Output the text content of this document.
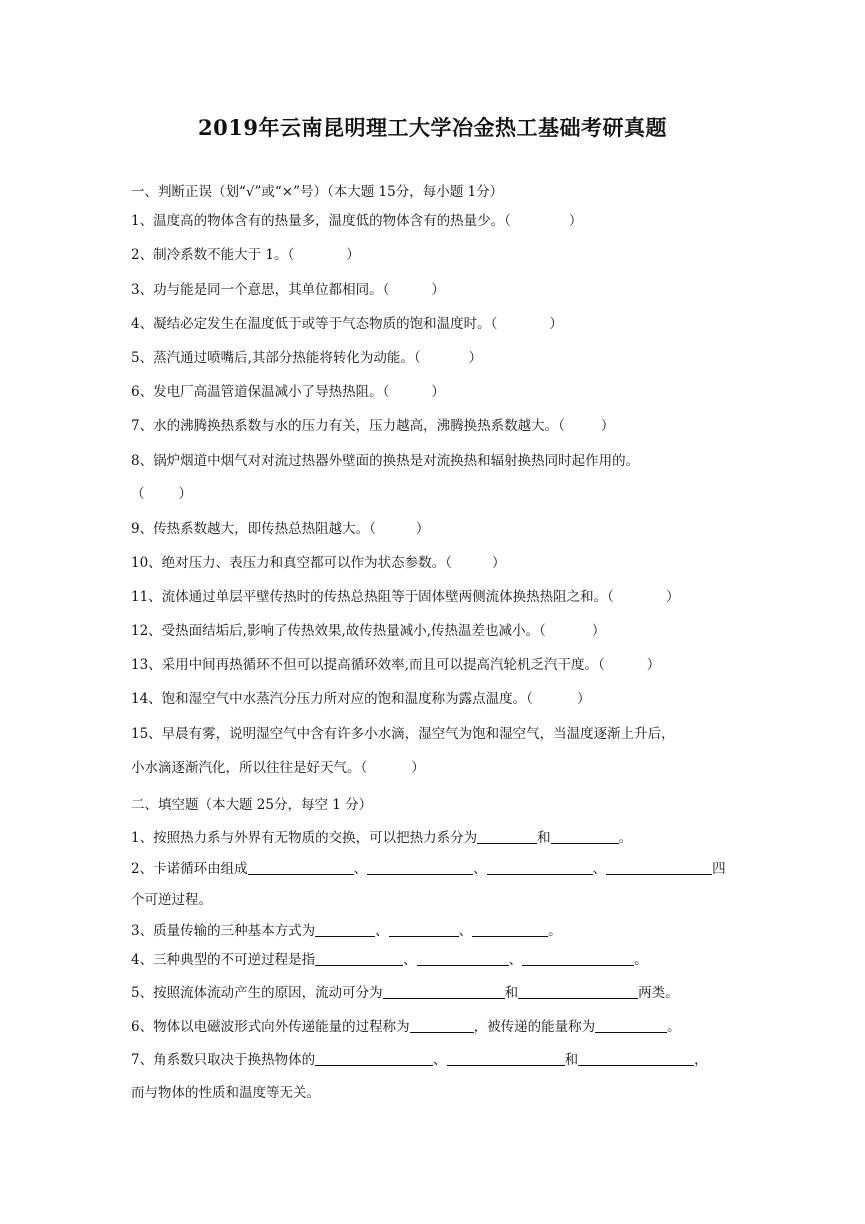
2019年云南昆明理工大学冶金热工基础考研真题
一、判断正误（划“√”或“×”号）（本大题 15分，每小题 1分）
1、温度高的物体含有的热量多，温度低的物体含有的热量少。（	）
2、制冷系数不能大于 1。（	）
3、功与能是同一个意思，其单位都相同。（	）
4、凝结必定发生在温度低于或等于气态物质的饱和温度时。（	）
5、蒸汽通过喷嘴后,其部分热能将转化为动能。（	）
6、发电厂高温管道保温减小了导热热阻。（	）
7、水的沸腾换热系数与水的压力有关，压力越高，沸腾换热系数越大。（	）
8、锅炉烟道中烟气对对流过热器外壁面的换热是对流换热和辐射换热同时起作用的。
（	）
9、传热系数越大，即传热总热阻越大。（	）
10、绝对压力、表压力和真空都可以作为状态参数。（	）
11、流体通过单层平壁传热时的传热总热阻等于固体壁两侧流体换热热阻之和。（	）
12、受热面结垢后,影响了传热效果,故传热量减小,传热温差也减小。（	）
13、采用中间再热循环不但可以提高循环效率,而且可以提高汽轮机乏汽干度。（	）
14、饱和湿空气中水蒸汽分压力所对应的饱和温度称为露点温度。（	）
15、早晨有雾，说明湿空气中含有许多小水滴，湿空气为饱和湿空气，当温度逐渐上升后，
小水滴逐渐汽化，所以往往是好天气。（	）
二、填空题（本大题 25分，每空 1 分）
1、按照热力系与外界有无物质的交换，可以把热力系分为	和	。
2、卡诺循环由组成	、	、	、	四
个可逆过程。
3、质量传输的三种基本方式为	、	、	。
4、三种典型的不可逆过程是指	、	、	。
5、按照流体流动产生的原因，流动可分为	和	两类。
6、物体以电磁波形式向外传递能量的过程称为	，被传递的能量称为	。
7、角系数只取决于换热物体的	、	和	，
而与物体的性质和温度等无关。
